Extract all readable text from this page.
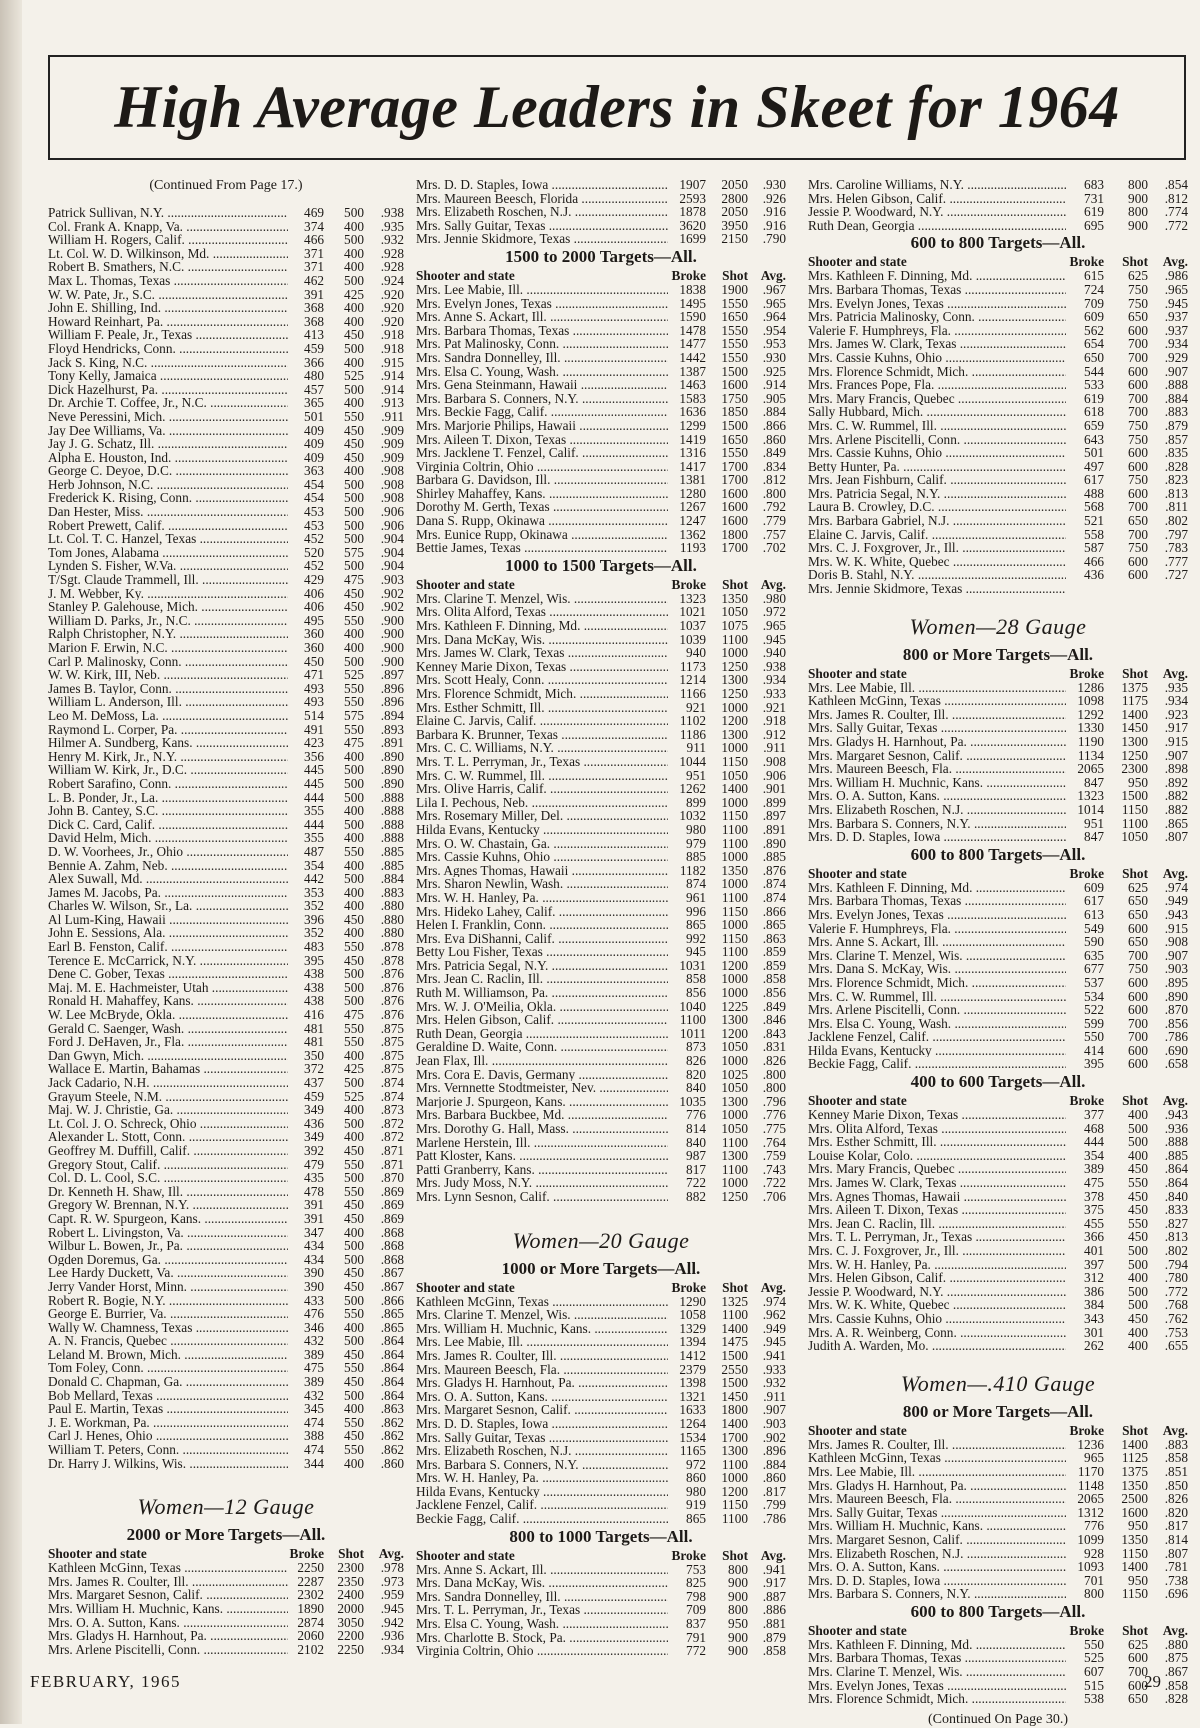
High Average Leaders in Skeet for 1964
(Continued From Page 17.)
Patrick Sullivan, N.Y. .....	469	500	.938
Col. Frank A. Knapp, Va. .....	374	400	.935
William H. Rogers, Calif. .....	466	500	.932
Lt. Col. W. D. Wilkinson, Md. .....	371	400	.928
Robert B. Smathers, N.C. .....	371	400	.928
Max L. Thomas, Texas .....	462	500	.924
W. W. Pate, Jr., S.C. .....	391	425	.920
John E. Shilling, Ind. .....	368	400	.920
Howard Reinhart, Pa. .....	368	400	.920
William F. Peale, Jr., Texas .....	413	450	.918
Floyd Hendricks, Conn. .....	459	500	.918
Jack S. King, N.C. .....	366	400	.915
Tony Kelly, Jamaica .....	480	525	.914
Dick Hazelhurst, Pa. .....	457	500	.914
Dr. Archie T. Coffee, Jr., N.C. .....	365	400	.913
Neve Peressini, Mich. .....	501	550	.911
Jay Dee Williams, Va. .....	409	450	.909
Jay J. G. Schatz, Ill. .....	409	450	.909
Alpha E. Houston, Ind. .....	409	450	.909
George C. Deyoe, D.C. .....	363	400	.908
Herb Johnson, N.C. .....	454	500	.908
Frederick K. Rising, Conn. .....	454	500	.908
Dan Hester, Miss. .....	453	500	.906
Robert Prewett, Calif. .....	453	500	.906
Lt. Col. T. C. Hanzel, Texas .....	452	500	.904
Tom Jones, Alabama .....	520	575	.904
Lynden S. Fisher, W.Va. .....	452	500	.904
T/Sgt. Claude Trammell, Ill. .....	429	475	.903
J. M. Webber, Ky. .....	406	450	.902
Stanley P. Galehouse, Mich. .....	406	450	.902
William D. Parks, Jr., N.C. .....	495	550	.900
Ralph Christopher, N.Y. .....	360	400	.900
Marion F. Erwin, N.C. .....	360	400	.900
Carl P. Malinosky, Conn. .....	450	500	.900
W. W. Kirk, III, Neb. .....	471	525	.897
James B. Taylor, Conn. .....	493	550	.896
William L. Anderson, Ill. .....	493	550	.896
Leo M. DeMoss, La. .....	514	575	.894
Raymond L. Corper, Pa. .....	491	550	.893
Hilmer A. Sundberg, Kans. .....	423	475	.891
Henry M. Kirk, Jr., N.Y. .....	356	400	.890
William W. Kirk, Jr., D.C. .....	445	500	.890
Robert Sarafino, Conn. .....	445	500	.890
L. B. Ponder, Jr., La. .....	444	500	.888
John B. Cantey, S.C. .....	355	400	.888
Dick C. Card, Calif. .....	444	500	.888
David Helm, Mich. .....	355	400	.888
D. W. Voorhees, Jr., Ohio .....	487	550	.885
Bennie A. Zahm, Neb. .....	354	400	.885
Alex Suwall, Md. .....	442	500	.884
James M. Jacobs, Pa. .....	353	400	.883
Charles W. Wilson, Sr., La. .....	352	400	.880
Al Lum-King, Hawaii .....	396	450	.880
John E. Sessions, Ala. .....	352	400	.880
Earl B. Fenston, Calif. .....	483	550	.878
Terence E. McCarrick, N.Y. .....	395	450	.878
Dene C. Gober, Texas .....	438	500	.876
Maj. M. E. Hachmeister, Utah .....	438	500	.876
Ronald H. Mahaffey, Kans. .....	438	500	.876
W. Lee McBryde, Okla. .....	416	475	.876
Gerald C. Saenger, Wash. .....	481	550	.875
Ford J. DeHaven, Jr., Fla. .....	481	550	.875
Dan Gwyn, Mich. .....	350	400	.875
Wallace E. Martin, Bahamas .....	372	425	.875
Jack Cadario, N.H. .....	437	500	.874
Grayum Steele, N.M. .....	459	525	.874
Maj. W. J. Christie, Ga. .....	349	400	.873
Lt. Col. J. O. Schreck, Ohio .....	436	500	.872
Alexander L. Stott, Conn. .....	349	400	.872
Geoffrey M. Duffill, Calif. .....	392	450	.871
Gregory Stout, Calif. .....	479	550	.871
Col. D. L. Cool, S.C. .....	435	500	.870
Dr. Kenneth H. Shaw, Ill. .....	478	550	.869
Gregory W. Brennan, N.Y. .....	391	450	.869
Capt. R. W. Spurgeon, Kans. .....	391	450	.869
Robert L. Livingston, Va. .....	347	400	.868
Wilbur L. Bowen, Jr., Pa. .....	434	500	.868
Ogden Doremus, Ga. .....	434	500	.868
Lee Hardy Duckett, Va. .....	390	450	.867
Jerry Vander Horst, Minn. .....	390	450	.867
Robert R. Bogie, N.Y. .....	433	500	.866
George E. Burrier, Va. .....	476	550	.865
Wally W. Chamness, Texas .....	346	400	.865
A. N. Francis, Quebec .....	432	500	.864
Leland M. Brown, Mich. .....	389	450	.864
Tom Foley, Conn. .....	475	550	.864
Donald C. Chapman, Ga. .....	389	450	.864
Bob Mellard, Texas .....	432	500	.864
Paul E. Martin, Texas .....	345	400	.863
J. E. Workman, Pa. .....	474	550	.862
Carl J. Henes, Ohio .....	388	450	.862
William T. Peters, Conn. .....	474	550	.862
Dr. Harry J. Wilkins, Wis. .....	344	400	.860
Women—12 Gauge
2000 or More Targets—All.
Shooter and state	Broke	Shot	Avg.
Kathleen McGinn, Texas .....	2250	2300	.978
Mrs. James R. Coulter, Ill. .....	2287	2350	.973
Mrs. Margaret Sesnon, Calif. .....	2302	2400	.959
Mrs. William H. Muchnic, Kans. .....	1890	2000	.945
Mrs. O. A. Sutton, Kans. .....	2874	3050	.942
Mrs. Gladys H. Harnhout, Pa. .....	2060	2200	.936
Mrs. Arlene Piscitelli, Conn. .....	2102	2250	.934
Mrs. D. D. Staples, Iowa .....	1907	2050	.930
Mrs. Maureen Beesch, Florida .....	2593	2800	.926
Mrs. Elizabeth Roschen, N.J. .....	1878	2050	.916
Mrs. Sally Guitar, Texas .....	3620	3950	.916
Mrs. Jennie Skidmore, Texas .....	1699	2150	.790
1500 to 2000 Targets—All.
Shooter and state	Broke	Shot Avg.
Mrs. Lee Mabie, Ill. .....	1838	1900	.967
Mrs. Evelyn Jones, Texas .....	1495	1550	.965
Mrs. Anne S. Ackart, Ill. .....	1590	1650	.964
Mrs. Barbara Thomas, Texas .....	1478	1550	.954
Mrs. Pat Malinosky, Conn. .....	1477	1550	.953
Mrs. Sandra Donnelley, Ill. .....	1442	1550	.930
Mrs. Elsa C. Young, Wash. .....	1387	1500	.925
Mrs. Gena Steinmann, Hawaii .....	1463	1600	.914
Mrs. Barbara S. Conners, N.Y. .....	1583	1750	.905
Mrs. Beckie Fagg, Calif. .....	1636	1850	.884
Mrs. Marjorie Philips, Hawaii .....	1299	1500	.866
Mrs. Aileen T. Dixon, Texas .....	1419	1650	.860
Mrs. Jacklene T. Fenzel, Calif. .....	1316	1550	.849
Virginia Coltrin, Ohio .....	1417	1700	.834
Barbara G. Davidson, Ill. .....	1381	1700	.812
Shirley Mahaffey, Kans. .....	1280	1600	.800
Dorothy M. Gerth, Texas .....	1267	1600	.792
Dana S. Rupp, Okinawa .....	1247	1600	.779
Mrs. Eunice Rupp, Okinawa .....	1362	1800	.757
Bettie James, Texas .....	1193	1700	.702
1000 to 1500 Targets—All.
Shooter and state	Broke	Shot Avg.
Mrs. Clarine T. Menzel, Wis. .....	1323	1350	.980
Mrs. Olita Alford, Texas .....	1021	1050	.972
Mrs. Kathleen F. Dinning, Md. .....	1037	1075	.965
Mrs. Dana McKay, Wis. .....	1039	1100	.945
Mrs. James W. Clark, Texas .....	940	1000	.940
Kenney Marie Dixon, Texas .....	1173	1250	.938
Mrs. Scott Healy, Conn. .....	1214	1300	.934
Mrs. Florence Schmidt, Mich. .....	1166	1250	.933
Mrs. Esther Schmitt, Ill. .....	921	1000	.921
Elaine C. Jarvis, Calif. .....	1102	1200	.918
Barbara K. Brunner, Texas .....	1186	1300	.912
Mrs. C. C. Williams, N.Y. .....	911	1000	.911
Mrs. T. L. Perryman, Jr., Texas .....	1044	1150	.908
Mrs. C. W. Rummel, Ill. .....	951	1050	.906
Mrs. Olive Harris, Calif. .....	1262	1400	.901
Lila I. Pechous, Neb. .....	899	1000	.899
Mrs. Rosemary Miller, Del. .....	1032	1150	.897
Hilda Evans, Kentucky .....	980	1100	.891
Mrs. O. W. Chastain, Ga. .....	979	1100	.890
Mrs. Cassie Kuhns, Ohio .....	885	1000	.885
Mrs. Agnes Thomas, Hawaii .....	1182	1350	.876
Mrs. Sharon Newlin, Wash. .....	874	1000	.874
Mrs. W. H. Hanley, Pa. .....	961	1100	.874
Mrs. Hideko Lahey, Calif. .....	996	1150	.866
Helen I. Franklin, Conn. .....	865	1000	.865
Mrs. Eva DiShanni, Calif. .....	992	1150	.863
Betty Lou Fisher, Texas .....	945	1100	.859
Mrs. Patricia Segal, N.Y. .....	1031	1200	.859
Mrs. Jean C. Raclin, Ill. .....	858	1000	.858
Ruth M. Williamson, Pa. .....	856	1000	.856
Mrs. W. J. O'Meilia, Okla. .....	1040	1225	.849
Mrs. Helen Gibson, Calif. .....	1100	1300	.846
Ruth Dean, Georgia .....	1011	1200	.843
Geraldine D. Waite, Conn. .....	873	1050	.831
Jean Flax, Ill. .....	826	1000	.826
Mrs. Cora E. Davis, Germany .....	820	1025	.800
Mrs. Vernnette Stodtmeister, Nev. .....	840	1050	.800
Marjorie J. Spurgeon, Kans. .....	1035	1300	.796
Mrs. Barbara Buckbee, Md. .....	776	1000	.776
Mrs. Dorothy G. Hall, Mass. .....	814	1050	.775
Marlene Herstein, Ill. .....	840	1100	.764
Patt Kloster, Kans. .....	987	1300	.759
Patti Granberry, Kans. .....	817	1100	.743
Mrs. Judy Moss, N.Y. .....	722	1000	.722
Mrs. Lynn Sesnon, Calif. .....	882	1250	.706
Women—20 Gauge
1000 or More Targets—All.
Shooter and state	Broke	Shot Avg.
Kathleen McGinn, Texas .....	1290	1325	.974
Mrs. Clarine T. Menzel, Wis. .....	1058	1100	.962
Mrs. William H. Muchnic, Kans. .....	1329	1400	.949
Mrs. Lee Mabie, Ill. .....	1394	1475	.945
Mrs. James R. Coulter, Ill. .....	1412	1500	.941
Mrs. Maureen Beesch, Fla. .....	2379	2550	.933
Mrs. Gladys H. Harnhout, Pa. .....	1398	1500	.932
Mrs. O. A. Sutton, Kans. .....	1321	1450	.911
Mrs. Margaret Sesnon, Calif. .....	1633	1800	.907
Mrs. D. D. Staples, Iowa .....	1264	1400	.903
Mrs. Sally Guitar, Texas .....	1534	1700	.902
Mrs. Elizabeth Roschen, N.J. .....	1165	1300	.896
Mrs. Barbara S. Conners, N.Y. .....	972	1100	.884
Mrs. W. H. Hanley, Pa. .....	860	1000	.860
Hilda Evans, Kentucky .....	980	1200	.817
Jacklene Fenzel, Calif. .....	919	1150	.799
Beckie Fagg, Calif. .....	865	1100	.786
800 to 1000 Targets—All.
Shooter and state	Broke	Shot Avg.
Mrs. Anne S. Ackart, Ill. .....	753	800	.941
Mrs. Dana McKay, Wis. .....	825	900	.917
Mrs. Sandra Donnelley, Ill. .....	798	900	.887
Mrs. T. L. Perryman, Jr., Texas .....	709	800	.886
Mrs. Elsa C. Young, Wash. .....	837	950	.881
Mrs. Charlotte B. Stock, Pa. .....	791	900	.879
Virginia Coltrin, Ohio .....	772	900	.858
Mrs. Caroline Williams, N.Y. .....	683	800	.854
Mrs. Helen Gibson, Calif. .....	731	900	.812
Jessie P. Woodward, N.Y. .....	619	800	.774
Ruth Dean, Georgia .....	695	900	.772
600 to 800 Targets—All.
Shooter and state	Broke	Shot	Avg.
Mrs. Kathleen F. Dinning, Md. .....	615	625	.986
Mrs. Barbara Thomas, Texas .....	724	750	.965
Mrs. Evelyn Jones, Texas .....	709	750	.945
Mrs. Patricia Malinosky, Conn. .....	609	650	.937
Valerie F. Humphreys, Fla. .....	562	600	.937
Mrs. James W. Clark, Texas .....	654	700	.934
Mrs. Cassie Kuhns, Ohio .....	650	700	.929
Mrs. Florence Schmidt, Mich. .....	544	600	.907
Mrs. Frances Pope, Fla. .....	533	600	.888
Mrs. Mary Francis, Quebec .....	619	700	.884
Sally Hubbard, Mich. .....	618	700	.883
Mrs. C. W. Rummel, Ill. .....	659	750	.879
Mrs. Arlene Piscitelli, Conn. .....	643	750	.857
Mrs. Cassie Kuhns, Ohio .....	501	600	.835
Betty Hunter, Pa. .....	497	600	.828
Mrs. Jean Fishburn, Calif. .....	617	750	.823
Mrs. Patricia Segal, N.Y. .....	488	600	.813
Laura B. Crowley, D.C. .....	568	700	.811
Mrs. Barbara Gabriel, N.J. .....	521	650	.802
Elaine C. Jarvis, Calif. .....	558	700	.797
Mrs. C. J. Foxgrover, Jr., Ill. .....	587	750	.783
Mrs. W. K. White, Quebec .....	466	600	.777
Doris B. Stahl, N.Y. .....	436	600	.727
Mrs. Jennie Skidmore, Texas .....
Women—28 Gauge
800 or More Targets—All.
Shooter and state	Broke	Shot	Avg.
Mrs. Lee Mabie, Ill. .....	1286	1375	.935
Kathleen McGinn, Texas .....	1098	1175	.934
Mrs. James R. Coulter, Ill. .....	1292	1400	.923
Mrs. Sally Guitar, Texas .....	1330	1450	.917
Mrs. Gladys H. Harnhout, Pa. .....	1190	1300	.915
Mrs. Margaret Sesnon, Calif. .....	1134	1250	.907
Mrs. Maureen Beesch, Fla. .....	2065	2300	.898
Mrs. William H. Muchnic, Kans. .....	847	950	.892
Mrs. O. A. Sutton, Kans. .....	1323	1500	.882
Mrs. Elizabeth Roschen, N.J. .....	1014	1150	.882
Mrs. Barbara S. Conners, N.Y. .....	951	1100	.865
Mrs. D. D. Staples, Iowa .....	847	1050	.807
600 to 800 Targets—All.
Shooter and state	Broke	Shot	Avg.
Mrs. Kathleen F. Dinning, Md. .....	609	625	.974
Mrs. Barbara Thomas, Texas .....	617	650	.949
Mrs. Evelyn Jones, Texas .....	613	650	.943
Valerie F. Humphreys, Fla. .....	549	600	.915
Mrs. Anne S. Ackart, Ill. .....	590	650	.908
Mrs. Clarine T. Menzel, Wis. .....	635	700	.907
Mrs. Dana S. McKay, Wis. .....	677	750	.903
Mrs. Florence Schmidt, Mich. .....	537	600	.895
Mrs. C. W. Rummel, Ill. .....	534	600	.890
Mrs. Arlene Piscitelli, Conn. .....	522	600	.870
Mrs. Elsa C. Young, Wash. .....	599	700	.856
Jacklene Fenzel, Calif. .....	550	700	.786
Hilda Evans, Kentucky .....	414	600	.690
Beckie Fagg, Calif. .....	395	600	.658
400 to 600 Targets—All.
Shooter and state	Broke	Shot	Avg.
Kenney Marie Dixon, Texas .....	377	400	.943
Mrs. Olita Alford, Texas .....	468	500	.936
Mrs. Esther Schmitt, Ill. .....	444	500	.888
Louise Kolar, Colo. .....	354	400	.885
Mrs. Mary Francis, Quebec .....	389	450	.864
Mrs. James W. Clark, Texas .....	475	550	.864
Mrs. Agnes Thomas, Hawaii .....	378	450	.840
Mrs. Aileen T. Dixon, Texas .....	375	450	.833
Mrs. Jean C. Raclin, Ill. .....	455	550	.827
Mrs. T. L. Perryman, Jr., Texas .....	366	450	.813
Mrs. C. J. Foxgrover, Jr., Ill. .....	401	500	.802
Mrs. W. H. Hanley, Pa. .....	397	500	.794
Mrs. Helen Gibson, Calif. .....	312	400	.780
Jessie P. Woodward, N.Y. .....	386	500	.772
Mrs. W. K. White, Quebec .....	384	500	.768
Mrs. Cassie Kuhns, Ohio .....	343	450	.762
Mrs. A. R. Weinberg, Conn. .....	301	400	.753
Judith A. Warden, Mo. .....	262	400	.655
Women—.410 Gauge
800 or More Targets—All.
Shooter and state	Broke	Shot	Avg.
Mrs. James R. Coulter, Ill. .....	1236	1400	.883
Kathleen McGinn, Texas .....	965	1125	.858
Mrs. Lee Mabie, Ill. .....	1170	1375	.851
Mrs. Gladys H. Harnhout, Pa. .....	1148	1350	.850
Mrs. Maureen Beesch, Fla. .....	2065	2500	.826
Mrs. Sally Guitar, Texas .....	1312	1600	.820
Mrs. William H. Muchnic, Kans. .....	776	950	.817
Mrs. Margaret Sesnon, Calif. .....	1099	1350	.814
Mrs. Elizabeth Roschen, N.J. .....	928	1150	.807
Mrs. O. A. Sutton, Kans. .....	1093	1400	.781
Mrs. D. D. Staples, Iowa .....	701	950	.738
Mrs. Barbara S. Conners, N.Y. .....	800	1150	.696
600 to 800 Targets—All.
Shooter and state	Broke	Shot	Avg.
Mrs. Kathleen F. Dinning, Md. .....	550	625	.880
Mrs. Barbara Thomas, Texas .....	525	600	.875
Mrs. Clarine T. Menzel, Wis. .....	607	700	.867
Mrs. Evelyn Jones, Texas .....	515	600	.858
Mrs. Florence Schmidt, Mich. .....	538	650	.828
(Continued On Page 30.)
FEBRUARY, 1965	29
